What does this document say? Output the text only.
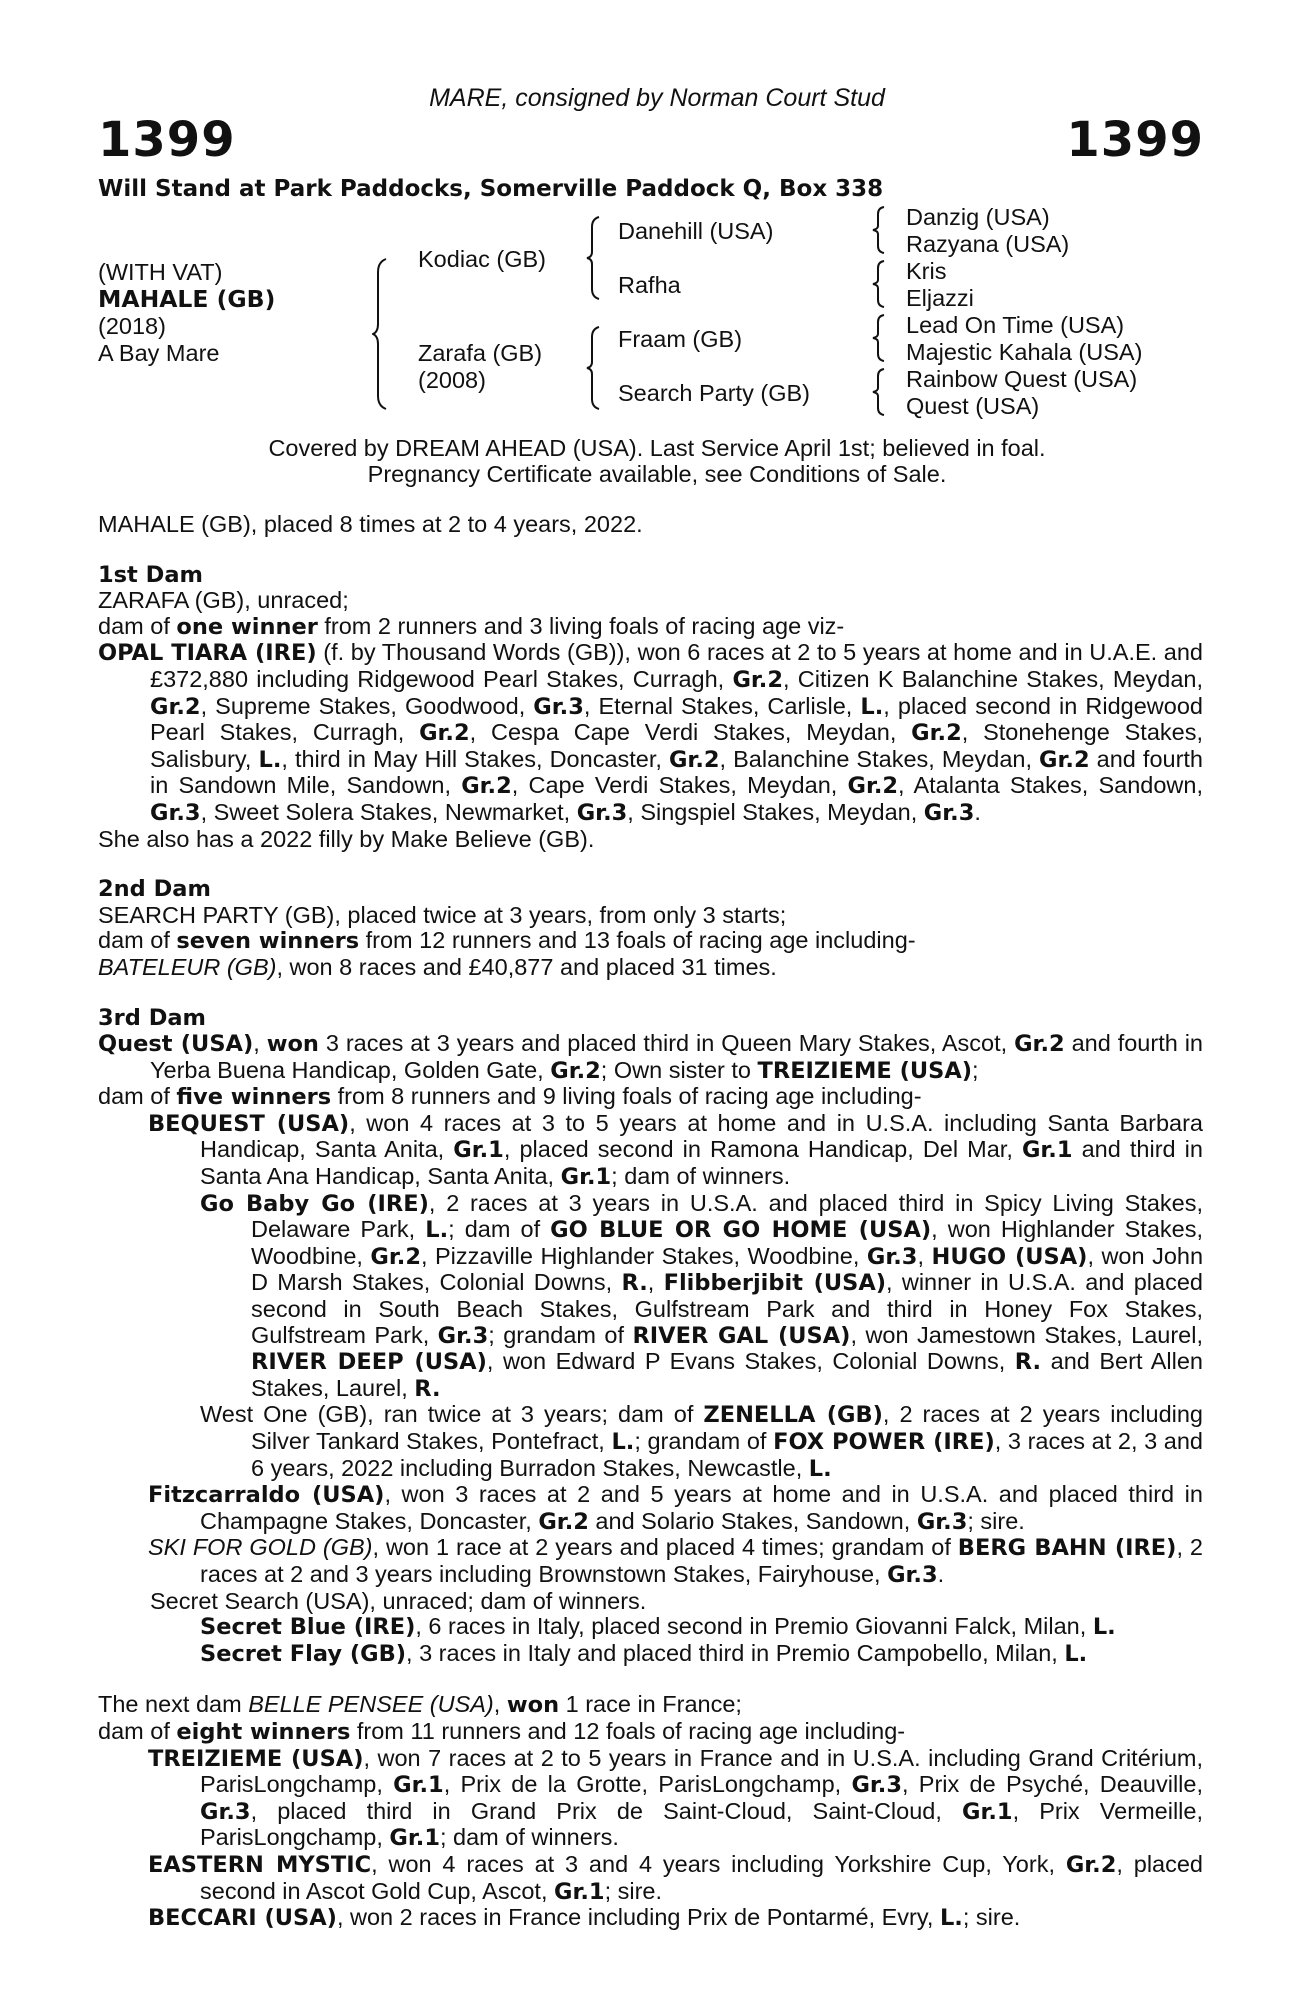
MARE, consigned by Norman Court Stud
1399	1399
Will Stand at Park Paddocks, Somerville Paddock Q, Box 338
(WITH VAT)
MAHALE (GB)
(2018)
A Bay Mare
Kodiac (GB)
Zarafa (GB)
(2008)
Danehill (USA)
Rafha
Fraam (GB)
Search Party (GB)
Danzig (USA)
Razyana (USA)
Kris
Eljazzi
Lead On Time (USA)
Majestic Kahala (USA)
Rainbow Quest (USA)
Quest (USA)
Covered by DREAM AHEAD (USA). Last Service April 1st; believed in foal.
Pregnancy Certificate available, see Conditions of Sale.

MAHALE (GB), placed 8 times at 2 to 4 years, 2022.

1st Dam

ZARAFA (GB), unraced;

dam of one winner from 2 runners and 3 living foals of racing age viz-

OPAL TIARA (IRE) (f. by Thousand Words (GB)), won 6 races at 2 to 5 years at home and in U.A.E. and £372,880 including Ridgewood Pearl Stakes, Curragh, Gr.2, Citizen K Balanchine Stakes, Meydan, Gr.2, Supreme Stakes, Goodwood, Gr.3, Eternal Stakes, Carlisle, L., placed second in Ridgewood Pearl Stakes, Curragh, Gr.2, Cespa Cape Verdi Stakes, Meydan, Gr.2, Stonehenge Stakes, Salisbury, L., third in May Hill Stakes, Doncaster, Gr.2, Balanchine Stakes, Meydan, Gr.2 and fourth in Sandown Mile, Sandown, Gr.2, Cape Verdi Stakes, Meydan, Gr.2, Atalanta Stakes, Sandown, Gr.3, Sweet Solera Stakes, Newmarket, Gr.3, Singspiel Stakes, Meydan, Gr.3.

She also has a 2022 filly by Make Believe (GB).

2nd Dam

SEARCH PARTY (GB), placed twice at 3 years, from only 3 starts;

dam of seven winners from 12 runners and 13 foals of racing age including-

BATELEUR (GB), won 8 races and £40,877 and placed 31 times.

3rd Dam

Quest (USA), won 3 races at 3 years and placed third in Queen Mary Stakes, Ascot, Gr.2 and fourth in Yerba Buena Handicap, Golden Gate, Gr.2; Own sister to TREIZIEME (USA);

dam of five winners from 8 runners and 9 living foals of racing age including-

BEQUEST (USA), won 4 races at 3 to 5 years at home and in U.S.A. including Santa Barbara Handicap, Santa Anita, Gr.1, placed second in Ramona Handicap, Del Mar, Gr.1 and third in Santa Ana Handicap, Santa Anita, Gr.1; dam of winners.

Go Baby Go (IRE), 2 races at 3 years in U.S.A. and placed third in Spicy Living Stakes, Delaware Park, L.; dam of GO BLUE OR GO HOME (USA), won Highlander Stakes, Woodbine, Gr.2, Pizzaville Highlander Stakes, Woodbine, Gr.3, HUGO (USA), won John D Marsh Stakes, Colonial Downs, R., Flibberjibit (USA), winner in U.S.A. and placed second in South Beach Stakes, Gulfstream Park and third in Honey Fox Stakes, Gulfstream Park, Gr.3; grandam of RIVER GAL (USA), won Jamestown Stakes, Laurel, RIVER DEEP (USA), won Edward P Evans Stakes, Colonial Downs, R. and Bert Allen Stakes, Laurel, R.

West One (GB), ran twice at 3 years; dam of ZENELLA (GB), 2 races at 2 years including Silver Tankard Stakes, Pontefract, L.; grandam of FOX POWER (IRE), 3 races at 2, 3 and 6 years, 2022 including Burradon Stakes, Newcastle, L.

Fitzcarraldo (USA), won 3 races at 2 and 5 years at home and in U.S.A. and placed third in Champagne Stakes, Doncaster, Gr.2 and Solario Stakes, Sandown, Gr.3; sire.

SKI FOR GOLD (GB), won 1 race at 2 years and placed 4 times; grandam of BERG BAHN (IRE), 2 races at 2 and 3 years including Brownstown Stakes, Fairyhouse, Gr.3.

Secret Search (USA), unraced; dam of winners.

Secret Blue (IRE), 6 races in Italy, placed second in Premio Giovanni Falck, Milan, L.

Secret Flay (GB), 3 races in Italy and placed third in Premio Campobello, Milan, L.

The next dam BELLE PENSEE (USA), won 1 race in France;

dam of eight winners from 11 runners and 12 foals of racing age including-

TREIZIEME (USA), won 7 races at 2 to 5 years in France and in U.S.A. including Grand Critérium, ParisLongchamp, Gr.1, Prix de la Grotte, ParisLongchamp, Gr.3, Prix de Psyché, Deauville, Gr.3, placed third in Grand Prix de Saint-Cloud, Saint-Cloud, Gr.1, Prix Vermeille, ParisLongchamp, Gr.1; dam of winners.

EASTERN MYSTIC, won 4 races at 3 and 4 years including Yorkshire Cup, York, Gr.2, placed second in Ascot Gold Cup, Ascot, Gr.1; sire.

BECCARI (USA), won 2 races in France including Prix de Pontarmé, Evry, L.; sire.
